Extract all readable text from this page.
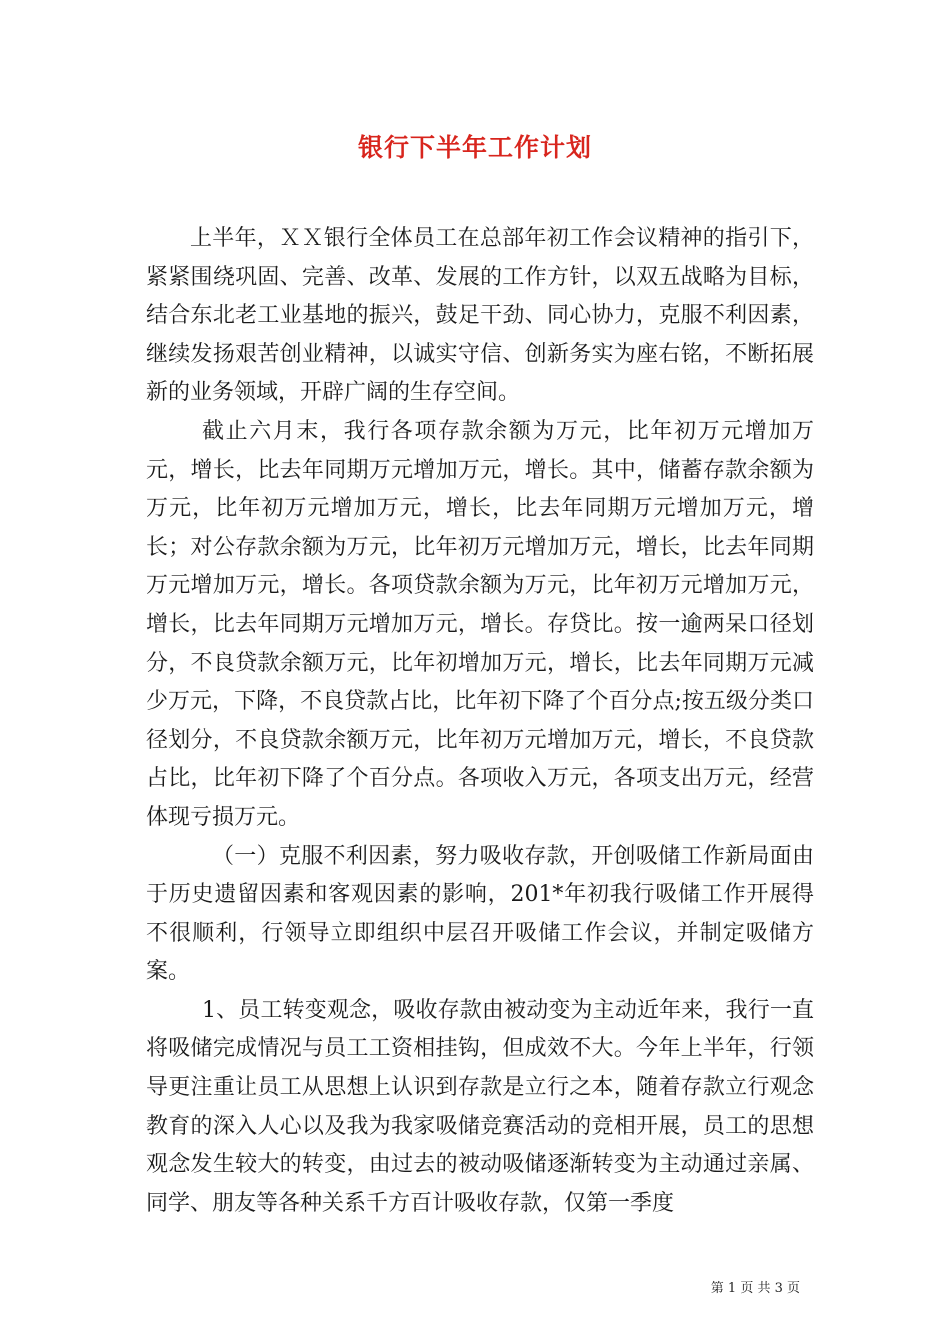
银行下半年工作计划

上半年，ＸＸ银行全体员工在总部年初工作会议精神的指引下，紧紧围绕巩固、完善、改革、发展的工作方针，以双五战略为目标，结合东北老工业基地的振兴，鼓足干劲、同心协力，克服不利因素，继续发扬艰苦创业精神，以诚实守信、创新务实为座右铭，不断拓展新的业务领域，开辟广阔的生存空间。

截止六月末，我行各项存款余额为万元，比年初万元增加万元，增长，比去年同期万元增加万元，增长。其中，储蓄存款余额为万元，比年初万元增加万元，增长，比去年同期万元增加万元，增长；对公存款余额为万元，比年初万元增加万元，增长，比去年同期万元增加万元，增长。各项贷款余额为万元，比年初万元增加万元，增长，比去年同期万元增加万元，增长。存贷比。按一逾两呆口径划分，不良贷款余额万元，比年初增加万元，增长，比去年同期万元减少万元，下降，不良贷款占比，比年初下降了个百分点;按五级分类口径划分，不良贷款余额万元，比年初万元增加万元，增长，不良贷款占比，比年初下降了个百分点。各项收入万元，各项支出万元，经营体现亏损万元。

（一）克服不利因素，努力吸收存款，开创吸储工作新局面由于历史遗留因素和客观因素的影响，201*年初我行吸储工作开展得不很顺利，行领导立即组织中层召开吸储工作会议，并制定吸储方案。

1、员工转变观念，吸收存款由被动变为主动近年来，我行一直将吸储完成情况与员工工资相挂钩，但成效不大。今年上半年，行领导更注重让员工从思想上认识到存款是立行之本，随着存款立行观念教育的深入人心以及我为我家吸储竞赛活动的竞相开展，员工的思想观念发生较大的转变，由过去的被动吸储逐渐转变为主动通过亲属、同学、朋友等各种关系千方百计吸收存款，仅第一季度

第 1 页 共 3 页
